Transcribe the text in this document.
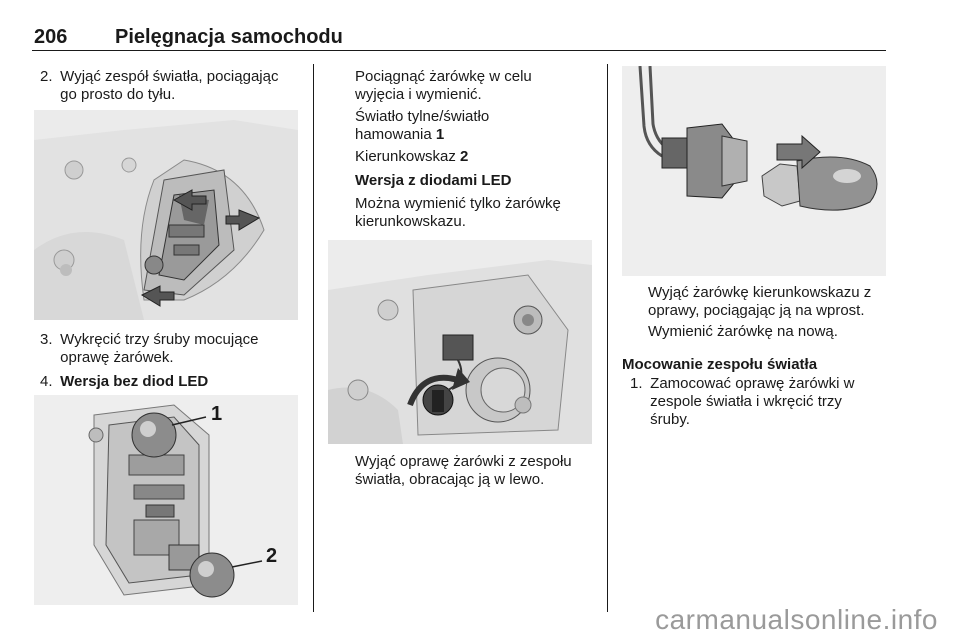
206 Pielęgnacja samochodu
2. Wyjąć zespół światła, pociągając
go prosto do tyłu.
3. Wykręcić trzy śruby mocujące
oprawę żarówek.
4. Wersja bez diod LED
1
2
Pociągnąć żarówkę w celu
wyjęcia i wymienić.
Światło tylne/światło
hamowania 1
Kierunkowskaz 2
Wersja z diodami LED
Można wymienić tylko żarówkę
kierunkowskazu.
Wyjąć oprawę żarówki z zespołu
światła, obracając ją w lewo.
Wyjąć żarówkę kierunkowskazu z
oprawy, pociągając ją na wprost.
Wymienić żarówkę na nową.
Mocowanie zespołu światła
1. Zamocować oprawę żarówki w
zespole światła i wkręcić trzy
śruby.
carmanualsonline.info
